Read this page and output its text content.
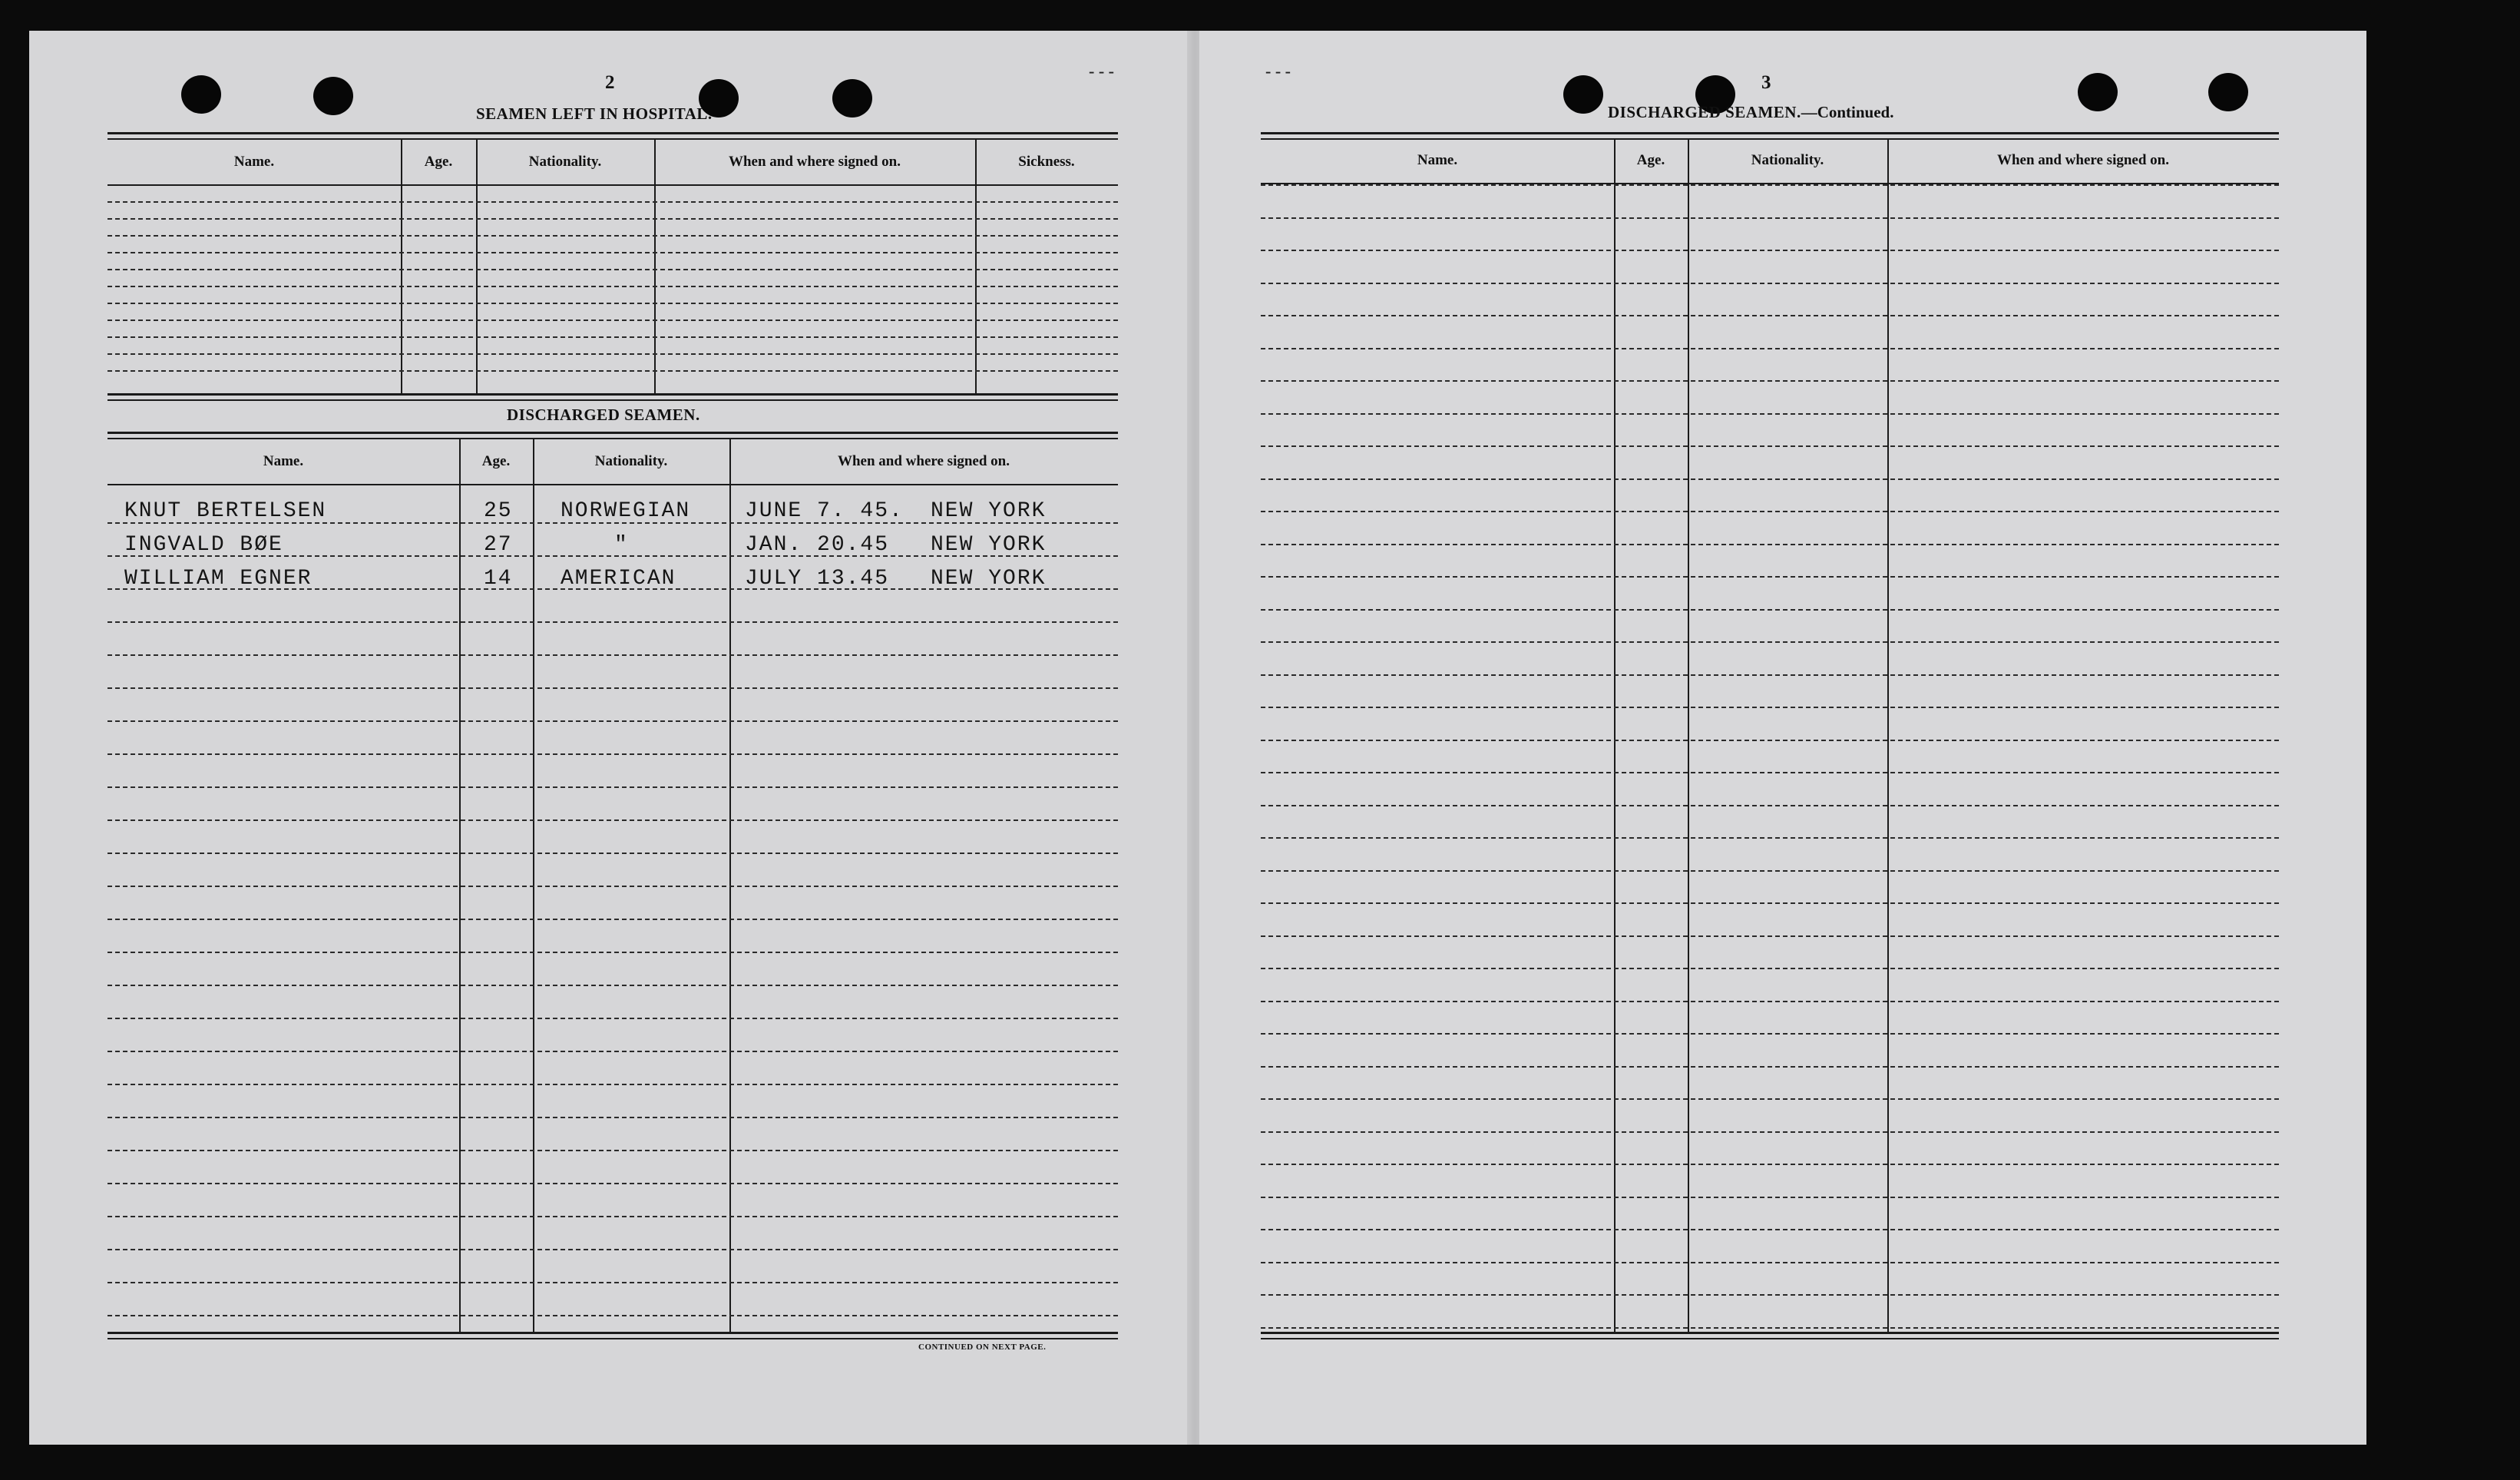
- - -	- - -
2
SEAMEN LEFT IN HOSPITAL.
DISCHARGED SEAMEN.
KNUT BERTELSEN	25 NORWEGIAN	JUNE 7. 45. NEW YORK
INGVALD BØE	27	"	JAN. 20.45 NEW YORK
WILLIAM EGNER	14 AMERICAN	JULY 13.45 NEW YORK
CONTINUED ON NEXT PAGE.
3
DISCHARGED SEAMEN.—Continued.
Name.	Age.	Nationality.	When and where signed on.	Sickness.
Name.	Age.	Nationality.	When and where signed on.
Name.	Age.	Nationality.	When and where signed on.
